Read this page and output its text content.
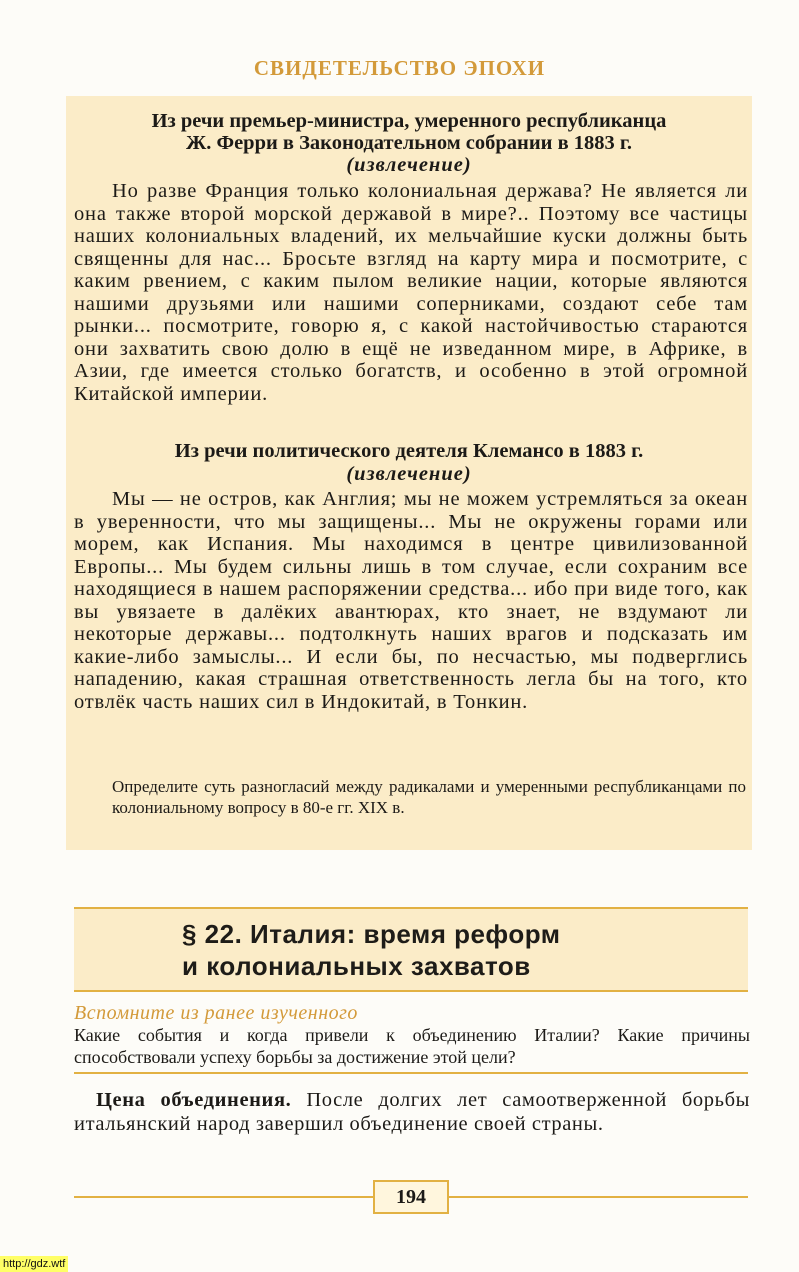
СВИДЕТЕЛЬСТВО ЭПОХИ
Из речи премьер-министра, умеренного республиканца
Ж. Ферри в Законодательном собрании в 1883 г.
(извлечение)
Но разве Франция только колониальная держава? Не является ли она также второй морской державой в мире?.. Поэтому все частицы наших колониальных владений, их мельчайшие куски должны быть священны для нас... Бросьте взгляд на карту мира и посмотрите, с каким рвением, с каким пылом великие нации, которые являются нашими друзьями или нашими соперниками, создают себе там рынки... посмотрите, говорю я, с какой настойчивостью стараются они захватить свою долю в ещё не изведанном мире, в Африке, в Азии, где имеется столько богатств, и особенно в этой огромной Китайской империи.
Из речи политического деятеля Клемансо в 1883 г.
(извлечение)
Мы — не остров, как Англия; мы не можем устремляться за океан в уверенности, что мы защищены... Мы не окружены горами или морем, как Испания. Мы находимся в центре цивилизованной Европы... Мы будем сильны лишь в том случае, если сохраним все находящиеся в нашем распоряжении средства... ибо при виде того, как вы увязаете в далёких авантюрах, кто знает, не вздумают ли некоторые державы... подтолкнуть наших врагов и подсказать им какие-либо замыслы... И если бы, по несчастью, мы подверглись нападению, какая страшная ответственность легла бы на того, кто отвлёк часть наших сил в Индокитай, в Тонкин.
Определите суть разногласий между радикалами и умеренными республиканцами по колониальному вопросу в 80-е гг. XIX в.
§ 22. Италия: время реформ
и колониальных захватов
Вспомните из ранее изученного
Какие события и когда привели к объединению Италии? Какие причины способствовали успеху борьбы за достижение этой цели?
Цена объединения. После долгих лет самоотверженной борьбы итальянский народ завершил объединение своей страны.
194
http://gdz.wtf
